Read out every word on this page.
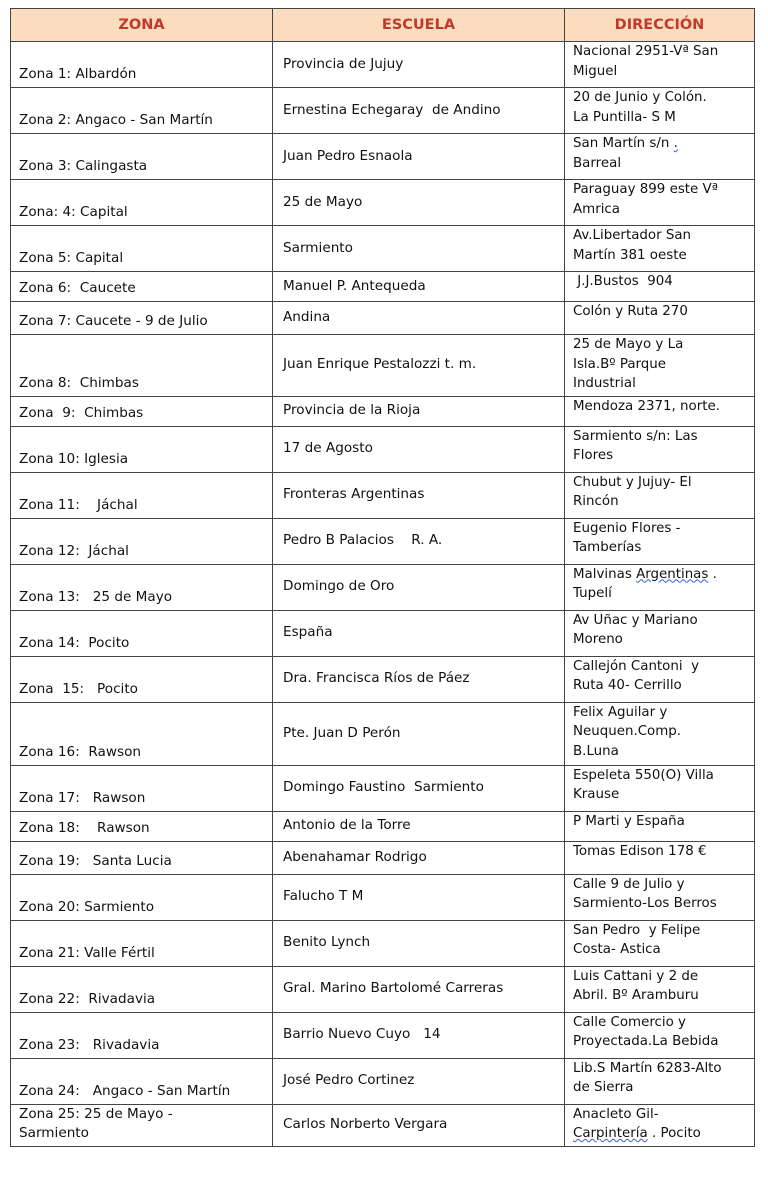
ZONA	ESCUELA	DIRECCIÓN
Zona 1: Albardón	Provincia de Jujuy	Nacional 2951-Vª San
Miguel

Zona 2: Angaco - San Martín	Ernestina Echegaray  de Andino	20 de Junio y Colón.
La Puntilla- S M

Zona 3: Calingasta	Juan Pedro Esnaola	San Martín s/n .
Barreal

Zona: 4: Capital	25 de Mayo	Paraguay 899 este Vª
Amrica

Zona 5: Capital	Sarmiento	Av.Libertador San
Martín 381 oeste

Zona 6:  Caucete	Manuel P. Antequeda	J.J.Bustos  904

Zona 7: Caucete - 9 de Julio	Andina	Colón y Ruta 270

Zona 8:  Chimbas	Juan Enrique Pestalozzi t. m.	25 de Mayo y La
Isla.Bº Parque
Industrial

Zona  9:  Chimbas	Provincia de la Rioja	Mendoza 2371, norte.

Zona 10: Iglesia	17 de Agosto	Sarmiento s/n: Las
Flores

Zona 11:    Jáchal	Fronteras Argentinas	Chubut y Jujuy- El
Rincón

Zona 12:  Jáchal	Pedro B Palacios    R. A.	Eugenio Flores -
Tamberías

Zona 13:   25 de Mayo	Domingo de Oro	Malvinas Argentinas .
Tupelí

Zona 14:  Pocito	España	Av Uñac y Mariano
Moreno

Zona  15:   Pocito	Dra. Francisca Ríos de Páez	Callejón Cantoni  y
Ruta 40- Cerrillo

Zona 16:  Rawson	Pte. Juan D Perón	Felix Aguilar y
Neuquen.Comp.
B.Luna

Zona 17:   Rawson	Domingo Faustino  Sarmiento	Espeleta 550(O) Villa
Krause

Zona 18:    Rawson	Antonio de la Torre	P Marti y España

Zona 19:   Santa Lucia	Abenahamar Rodrigo	Tomas Edison 178 €

Zona 20: Sarmiento	Falucho T M	Calle 9 de Julio y
Sarmiento-Los Berros

Zona 21: Valle Fértil	Benito Lynch	San Pedro  y Felipe
Costa- Astica

Zona 22:  Rivadavia	Gral. Marino Bartolomé Carreras	Luis Cattani y 2 de
Abril. Bº Aramburu

Zona 23:   Rivadavia	Barrio Nuevo Cuyo   14	Calle Comercio y
Proyectada.La Bebida

Zona 24:   Angaco - San Martín	José Pedro Cortinez	Lib.S Martín 6283-Alto
de Sierra

Zona 25: 25 de Mayo -
Sarmiento	Carlos Norberto Vergara	Anacleto Gil-
Carpintería . Pocito
